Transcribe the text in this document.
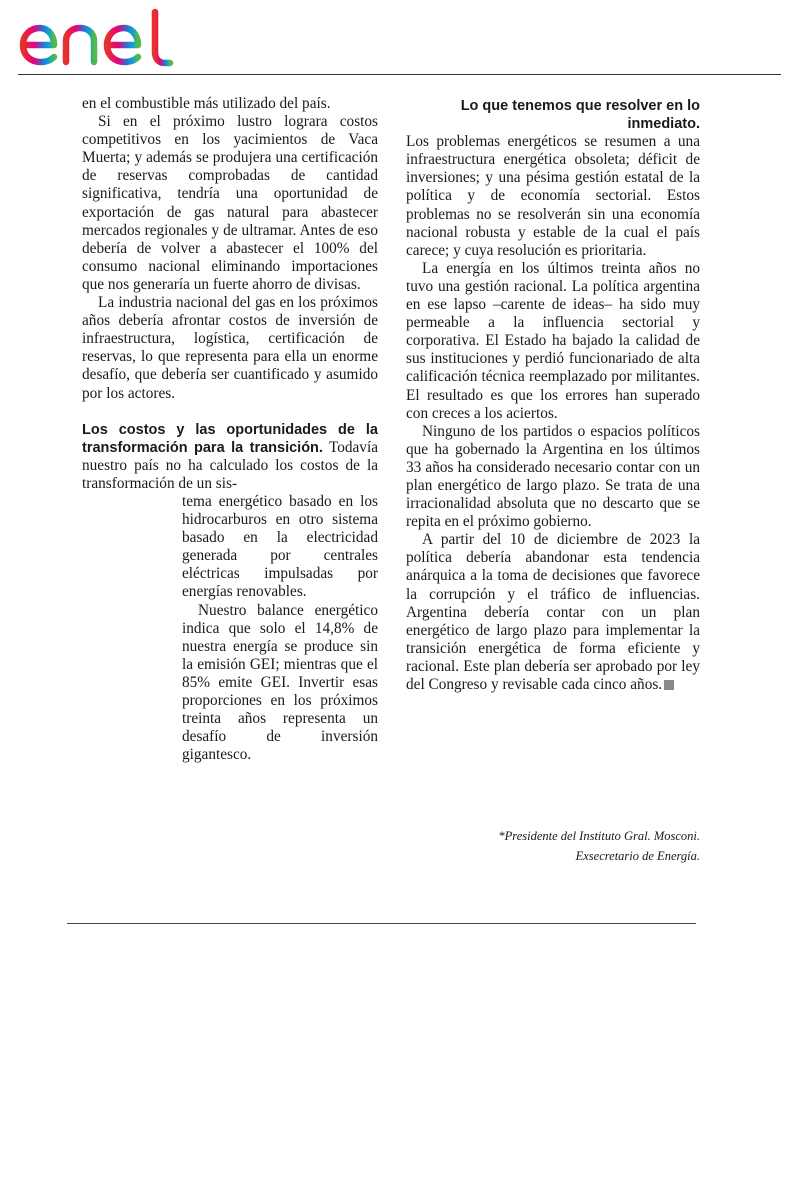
en el combustible más utilizado del país.

Si en el próximo lustro lograra costos competitivos en los yacimientos de Vaca Muerta; y además se produjera una certificación de reservas comprobadas de cantidad significativa, tendría una oportunidad de exportación de gas natural para abastecer mercados regionales y de ultramar. Antes de eso debería de volver a abastecer el 100% del consumo nacional eliminando importaciones que nos generaría un fuerte ahorro de divisas.

La industria nacional del gas en los próximos años debería afrontar costos de inversión de infraestructura, logística, certificación de reservas, lo que representa para ella un enorme desafío, que debería ser cuantificado y asumido por los actores.

Los costos y las oportunidades de la transformación para la transición. Todavía nuestro país no ha calculado los costos de la transformación de un sis-

tema energético basado en los hidrocarburos en otro sistema basado en la electricidad generada por centrales eléctricas impulsadas por energías renovables.

Nuestro balance energético indica que solo el 14,8% de nuestra energía se produce sin la emisión GEI; mientras que el 85% emite GEI. Invertir esas proporciones en los próximos treinta años representa un desafío de inversión gigantesco.

Lo que tenemos que resolver en lo inmediato.

Los problemas energéticos se resumen a una infraestructura energética obsoleta; déficit de inversiones; y una pésima gestión estatal de la política y de economía sectorial. Estos problemas no se resolverán sin una economía nacional robusta y estable de la cual el país carece; y cuya resolución es prioritaria.

La energía en los últimos treinta años no tuvo una gestión racional. La política argentina en ese lapso –carente de ideas– ha sido muy permeable a la influencia sectorial y corporativa. El Estado ha bajado la calidad de sus instituciones y perdió funcionariado de alta calificación técnica reemplazado por militantes. El resultado es que los errores han superado con creces a los aciertos.

Ninguno de los partidos o espacios políticos que ha gobernado la Argentina en los últimos 33 años ha considerado necesario contar con un plan energético de largo plazo. Se trata de una irracionalidad absoluta que no descarto que se repita en el próximo gobierno.

A partir del 10 de diciembre de 2023 la política debería abandonar esta tendencia anárquica a la toma de decisiones que favorece la corrupción y el tráfico de influencias. Argentina debería contar con un plan energético de largo plazo para implementar la transición energética de forma eficiente y racional. Este plan debería ser aprobado por ley del Congreso y revisable cada cinco años.

*Presidente del Instituto Gral. Mosconi.
Exsecretario de Energía.
